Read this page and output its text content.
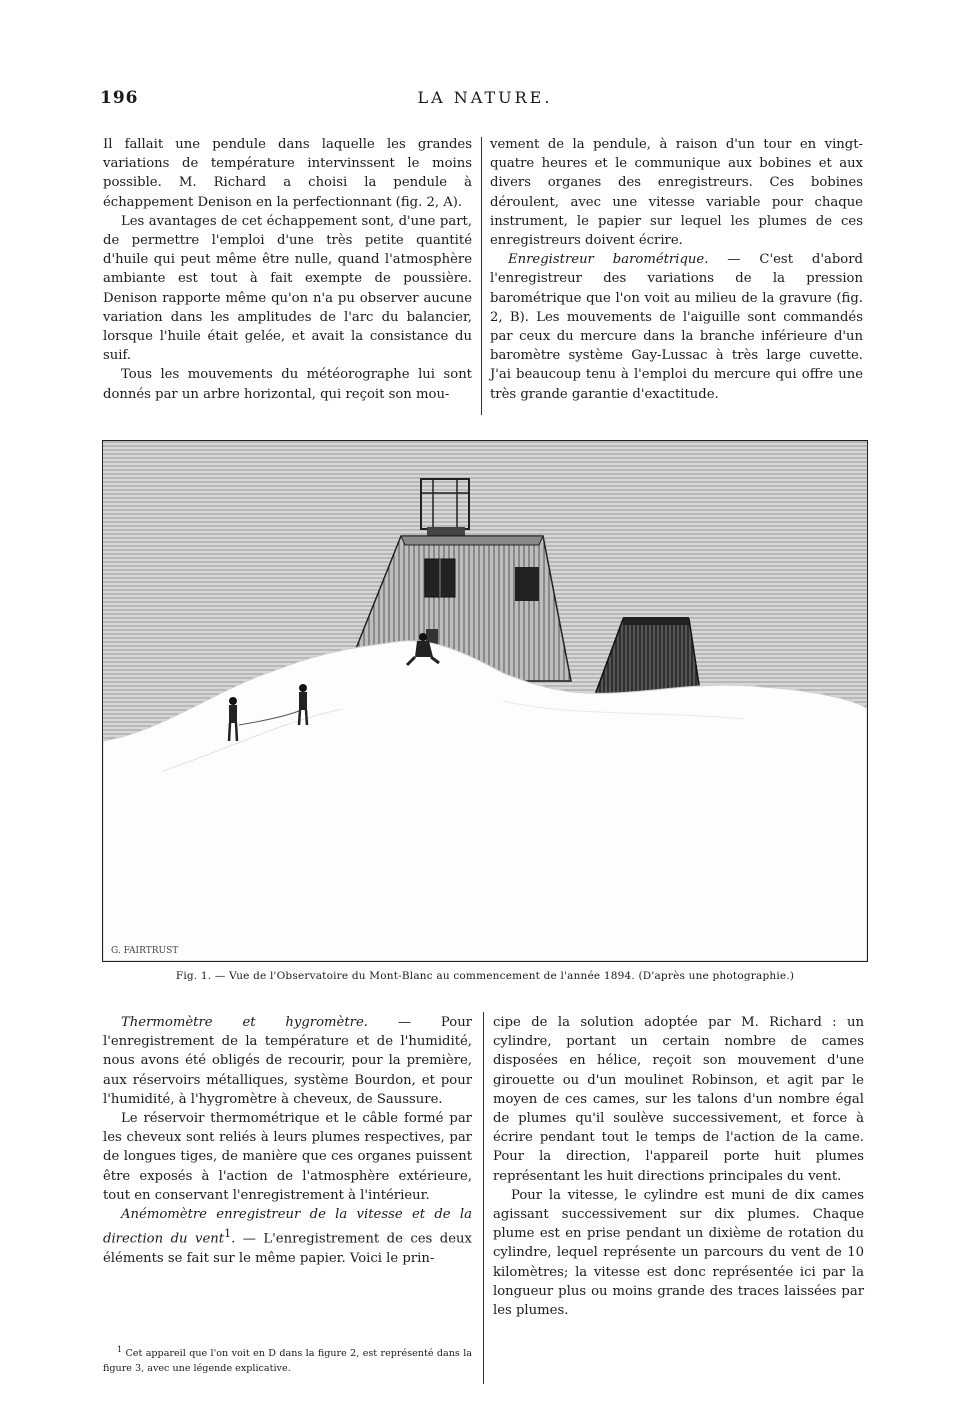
196	LA NATURE.

Il fallait une pendule dans laquelle les grandes variations de température intervinssent le moins possible. M. Richard a choisi la pendule à échappement Denison en la perfectionnant (fig. 2, A).

Les avantages de cet échappement sont, d'une part, de permettre l'emploi d'une très petite quantité d'huile qui peut même être nulle, quand l'atmosphère ambiante est tout à fait exempte de poussière. Denison rapporte même qu'on n'a pu observer aucune variation dans les amplitudes de l'arc du balancier, lorsque l'huile était gelée, et avait la consistance du suif.

Tous les mouvements du météorographe lui sont donnés par un arbre horizontal, qui reçoit son mou-

vement de la pendule, à raison d'un tour en vingt-quatre heures et le communique aux bobines et aux divers organes des enregistreurs. Ces bobines déroulent, avec une vitesse variable pour chaque instrument, le papier sur lequel les plumes de ces enregistreurs doivent écrire.

Enregistreur barométrique. — C'est d'abord l'enregistreur des variations de la pression barométrique que l'on voit au milieu de la gravure (fig. 2, B). Les mouvements de l'aiguille sont commandés par ceux du mercure dans la branche inférieure d'un baromètre système Gay-Lussac à très large cuvette. J'ai beaucoup tenu à l'emploi du mercure qui offre une très grande garantie d'exactitude.

G. FAIRTRUST
Fig. 1. — Vue de l'Observatoire du Mont-Blanc au commencement de l'année 1894. (D'après une photographie.)

Thermomètre et hygromètre. — Pour l'enregistrement de la température et de l'humidité, nous avons été obligés de recourir, pour la première, aux réservoirs métalliques, système Bourdon, et pour l'humidité, à l'hygromètre à cheveux, de Saussure.

Le réservoir thermométrique et le câble formé par les cheveux sont reliés à leurs plumes respectives, par de longues tiges, de manière que ces organes puissent être exposés à l'action de l'atmosphère extérieure, tout en conservant l'enregistrement à l'intérieur.

Anémomètre enregistreur de la vitesse et de la direction du vent$^1$. — L'enregistrement de ces deux éléments se fait sur le même papier. Voici le prin-

$^1$ Cet appareil que l'on voit en D dans la figure 2, est représenté dans la figure 3, avec une légende explicative.

cipe de la solution adoptée par M. Richard : un cylindre, portant un certain nombre de cames disposées en hélice, reçoit son mouvement d'une girouette ou d'un moulinet Robinson, et agit par le moyen de ces cames, sur les talons d'un nombre égal de plumes qu'il soulève successivement, et force à écrire pendant tout le temps de l'action de la came. Pour la direction, l'appareil porte huit plumes représentant les huit directions principales du vent.

Pour la vitesse, le cylindre est muni de dix cames agissant successivement sur dix plumes. Chaque plume est en prise pendant un dixième de rotation du cylindre, lequel représente un parcours du vent de 10 kilomètres; la vitesse est donc représentée ici par la longueur plus ou moins grande des traces laissées par les plumes.
